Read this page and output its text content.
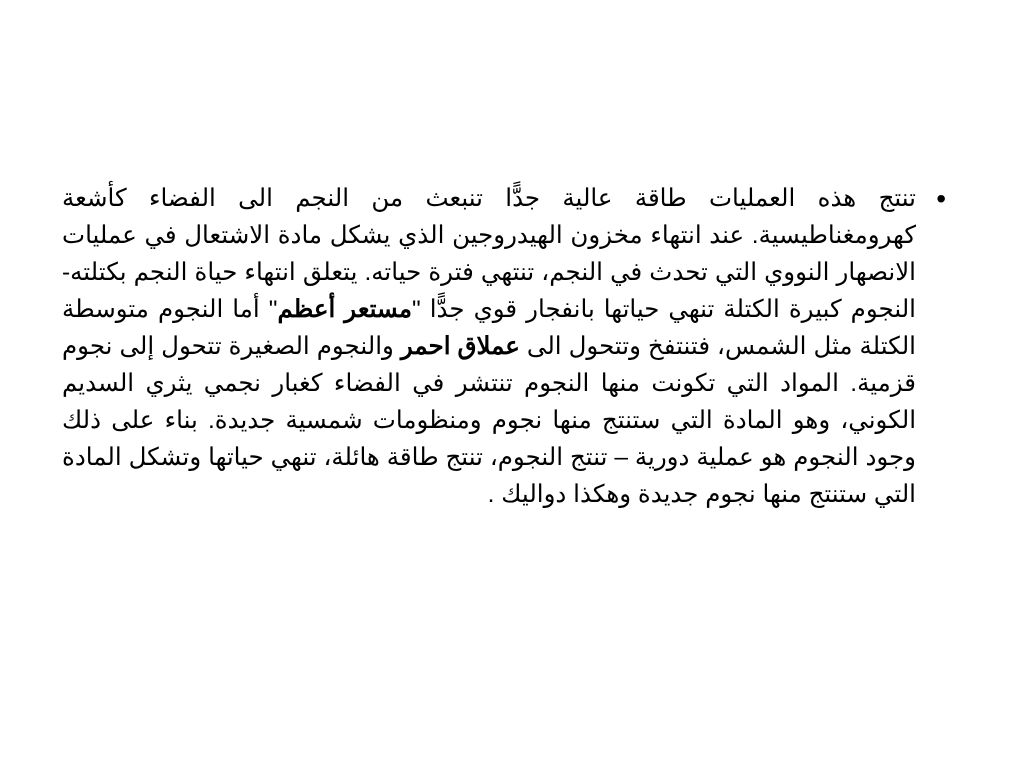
•

تنتج هذه العمليات طاقة عالية جدًّا تنبعث من النجم الى الفضاء كأشعة كهرومغناطيسية. عند انتهاء مخزون الهيدروجين الذي يشكل مادة الاشتعال في عمليات الانصهار النووي التي تحدث في النجم، تنتهي فترة حياته. يتعلق انتهاء حياة النجم بكتلته- النجوم كبيرة الكتلة تنهي حياتها بانفجار قوي جدًّا "مستعر أعظم" أما النجوم متوسطة الكتلة مثل الشمس، فتنتفخ وتتحول الى عملاق احمر والنجوم الصغيرة تتحول إلى نجوم قزمية. المواد التي تكونت منها النجوم تنتشر في الفضاء كغبار نجمي يثري السديم الكوني، وهو المادة التي ستنتج منها نجوم ومنظومات شمسية جديدة. بناء على ذلك وجود النجوم هو عملية دورية – تنتج النجوم، تنتج طاقة هائلة، تنهي حياتها وتشكل المادة التي ستنتج منها نجوم جديدة وهكذا دواليك .
